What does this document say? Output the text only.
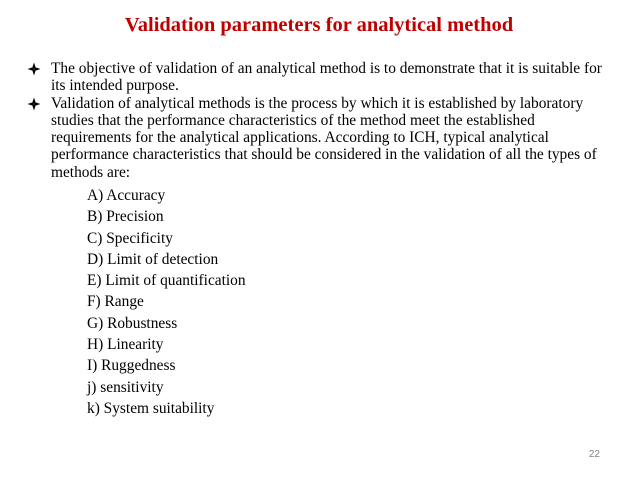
Validation parameters for analytical method
The objective of validation of an analytical method is to demonstrate that it is suitable for its intended purpose.
Validation of analytical methods is the process by which it is established by laboratory studies that the performance characteristics of the method meet the established requirements for the analytical applications. According to ICH, typical analytical performance characteristics that should be considered in the validation of all the types of methods are:
A) Accuracy
B) Precision
C) Specificity
D) Limit of detection
E) Limit of quantification
F) Range
G) Robustness
H) Linearity
I) Ruggedness
j) sensitivity
k) System suitability
22
